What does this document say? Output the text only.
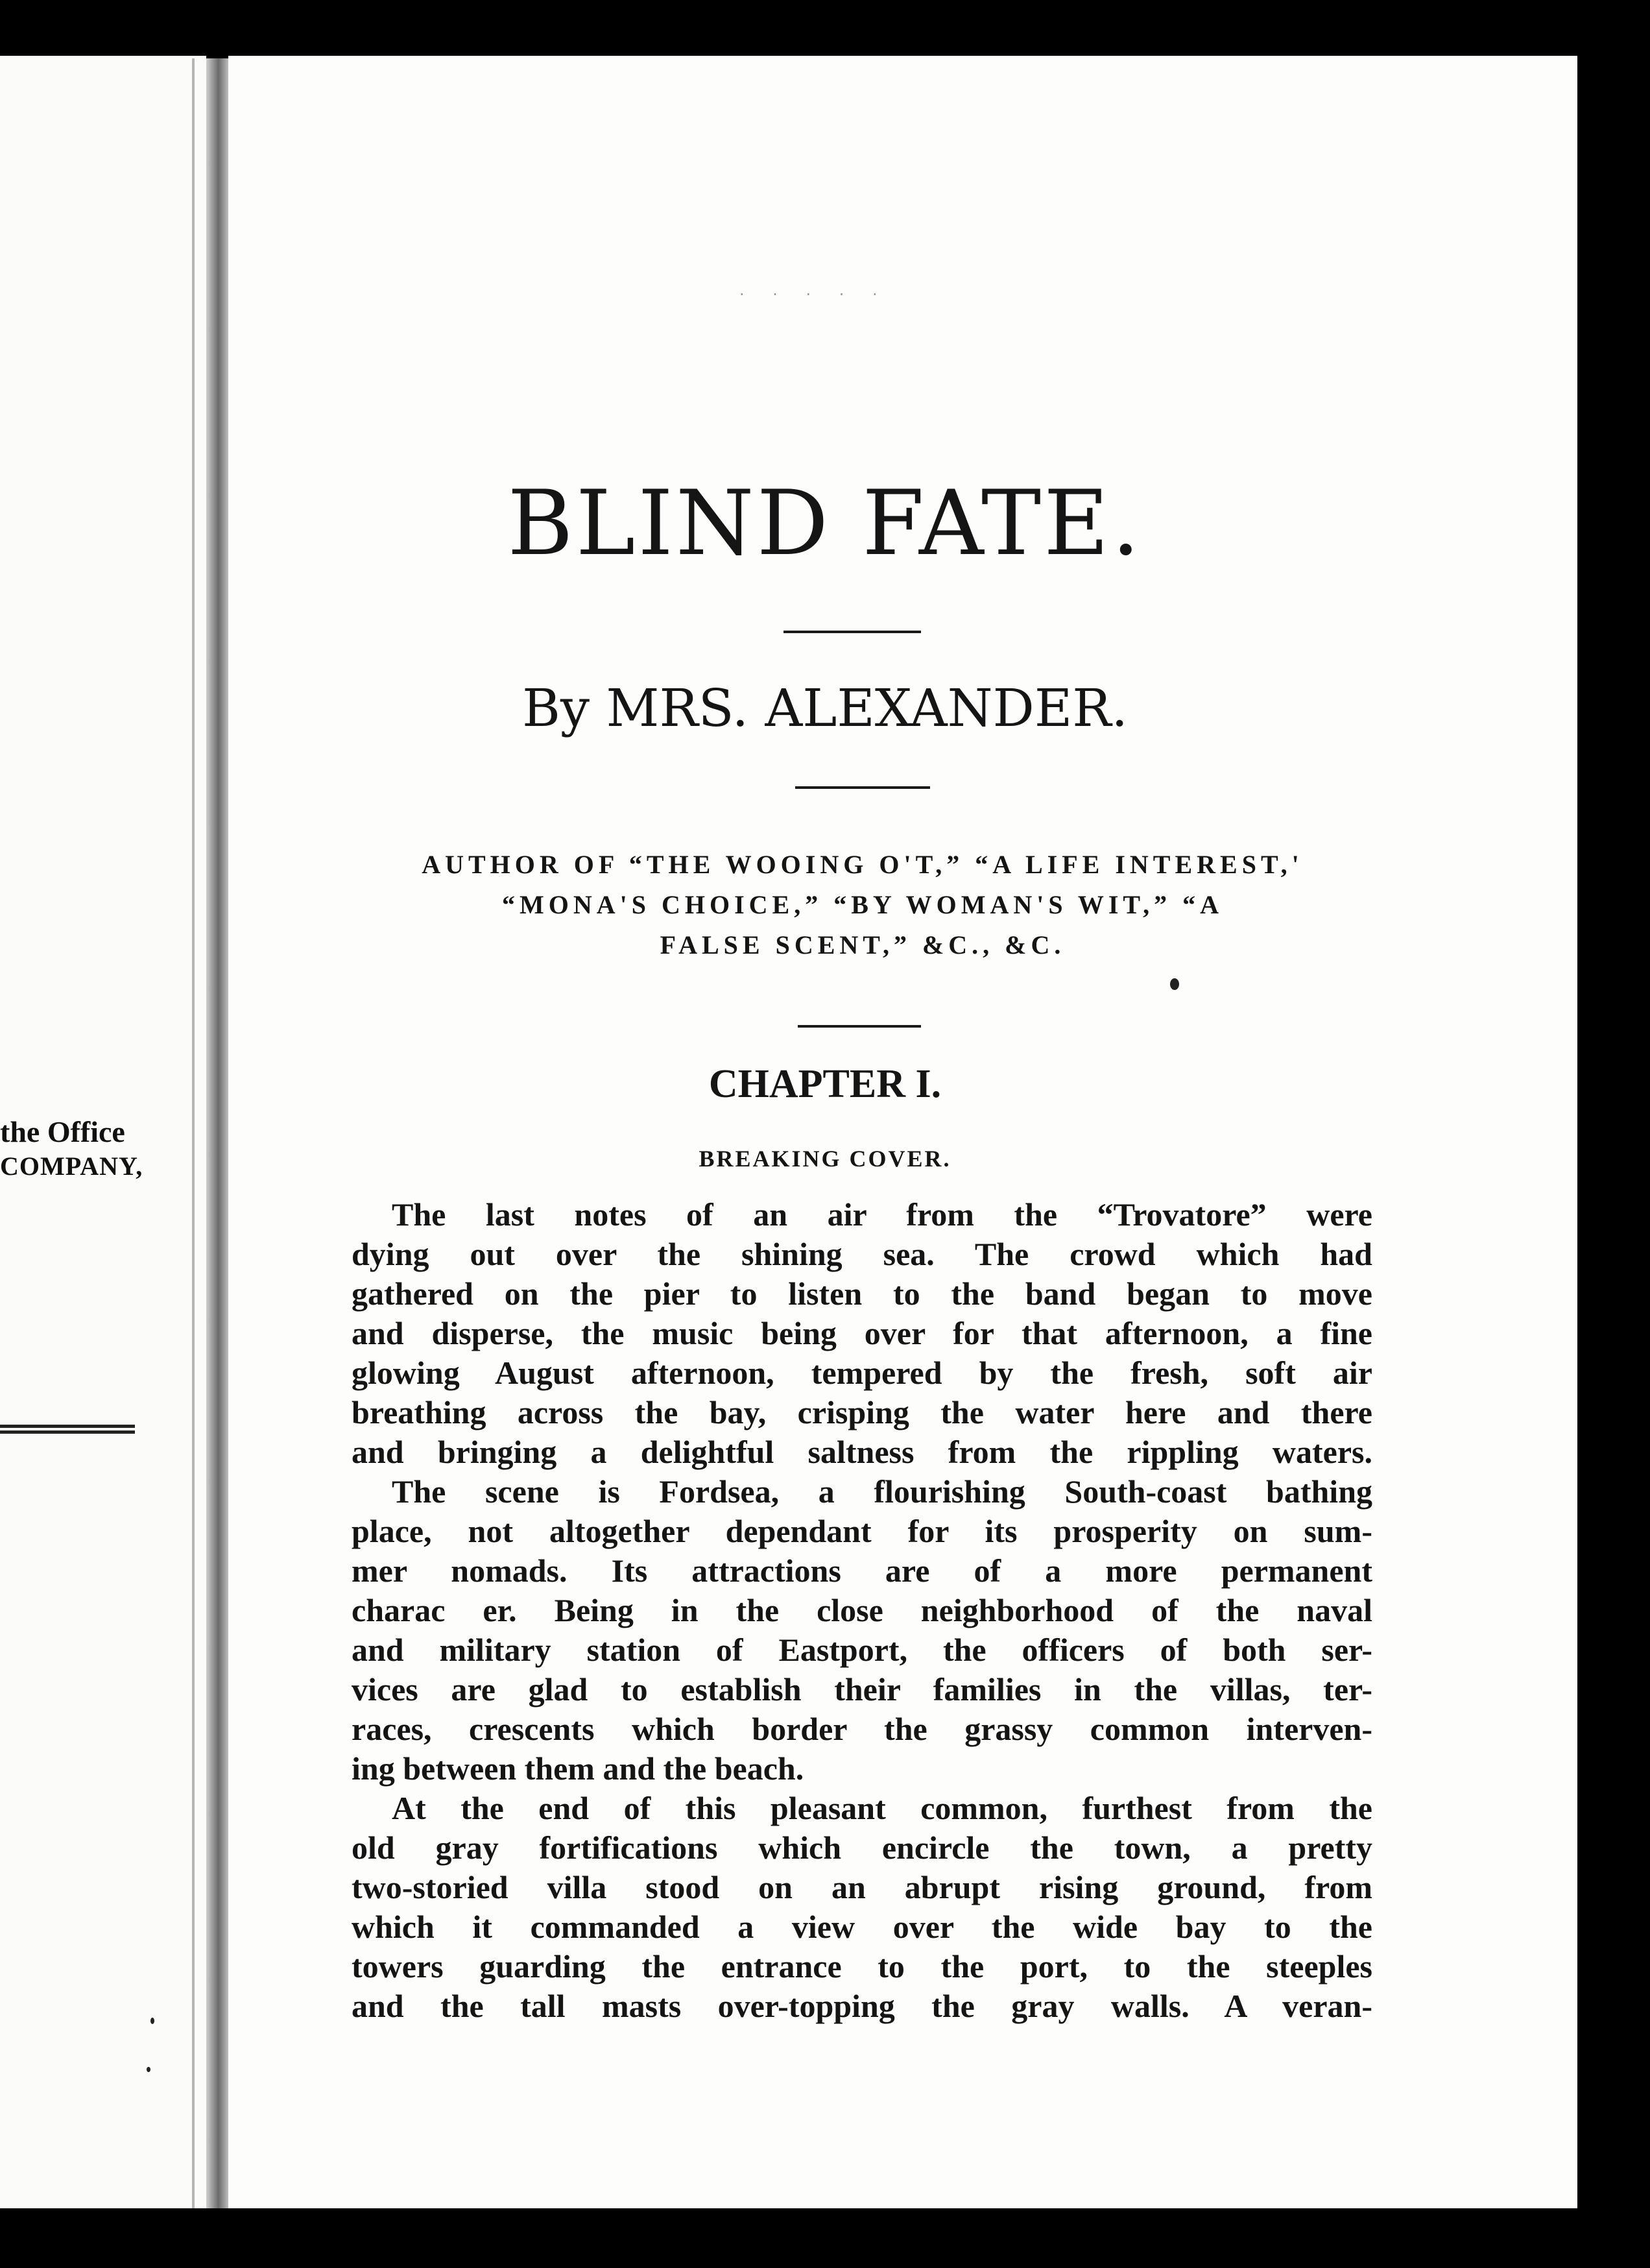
the Office
COMPANY,
· · · · ·
BLIND FATE.
By MRS. ALEXANDER.
AUTHOR OF “THE WOOING O'T,” “A LIFE INTEREST,'
“MONA'S CHOICE,” “BY WOMAN'S WIT,” “A
FALSE SCENT,” &C., &C.
CHAPTER I.
BREAKING COVER.

The last notes of an air from the “Trovatore” were
dying out over the shining sea. The crowd which had
gathered on the pier to listen to the band began to move
and disperse, the music being over for that afternoon, a fine
glowing August afternoon, tempered by the fresh, soft air
breathing across the bay, crisping the water here and there
and bringing a delightful saltness from the rippling waters.

The scene is Fordsea, a flourishing South-coast bathing
place, not altogether dependant for its prosperity on sum-
mer nomads. Its attractions are of a more permanent
charac er. Being in the close neighborhood of the naval
and military station of Eastport, the officers of both ser-
vices are glad to establish their families in the villas, ter-
races, crescents which border the grassy common interven-
ing between them and the beach.

At the end of this pleasant common, furthest from the
old gray fortifications which encircle the town, a pretty
two-storied villa stood on an abrupt rising ground, from
which it commanded a view over the wide bay to the
towers guarding the entrance to the port, to the steeples
and the tall masts over-topping the gray walls. A veran-
